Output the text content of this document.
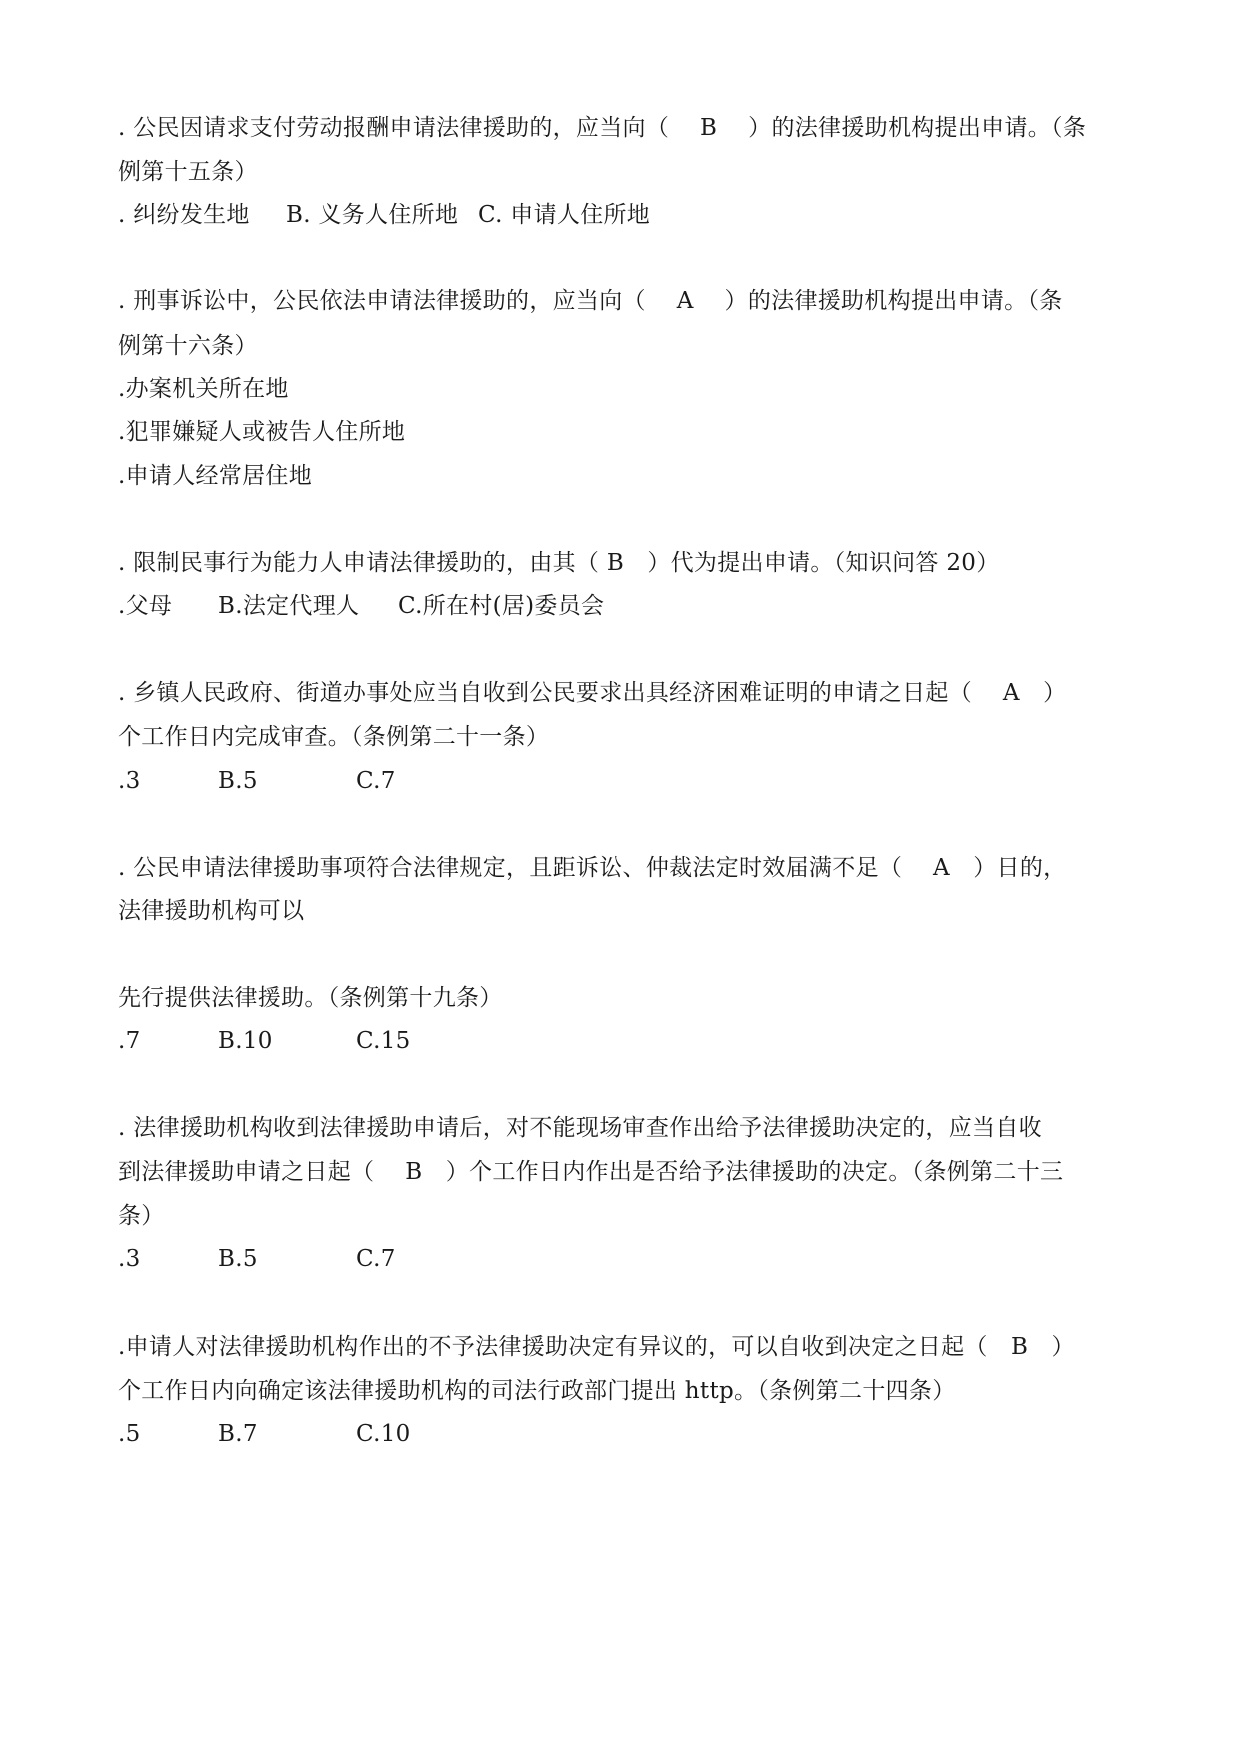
. 公民因请求支付劳动报酬申请法律援助的，应当向（　 B　 ）的法律援助机构提出申请。（条
例第十五条）
. 纠纷发生地 B. 义务人住所地 C. 申请人住所地
. 刑事诉讼中，公民依法申请法律援助的，应当向（　 A　 ）的法律援助机构提出申请。（条
例第十六条）
.办案机关所在地
.犯罪嫌疑人或被告人住所地
.申请人经常居住地
. 限制民事行为能力人申请法律援助的，由其（ B　）代为提出申请。（知识问答 20）
.父母 B.法定代理人 C.所在村(居)委员会
. 乡镇人民政府、街道办事处应当自收到公民要求出具经济困难证明的申请之日起（　 A　）
个工作日内完成审查。（条例第二十一条）
.3	B.5	C.7
. 公民申请法律援助事项符合法律规定，且距诉讼、仲裁法定时效届满不足（　 A　）日的，
法律援助机构可以
先行提供法律援助。（条例第十九条）
.7	B.10	C.15
. 法律援助机构收到法律援助申请后，对不能现场审查作出给予法律援助决定的，应当自收
到法律援助申请之日起（　 B　）个工作日内作出是否给予法律援助的决定。（条例第二十三
条）
.3	B.5	C.7
.申请人对法律援助机构作出的不予法律援助决定有异议的，可以自收到决定之日起（　B　）
个工作日内向确定该法律援助机构的司法行政部门提出 http。（条例第二十四条）
.5	B.7	C.10
